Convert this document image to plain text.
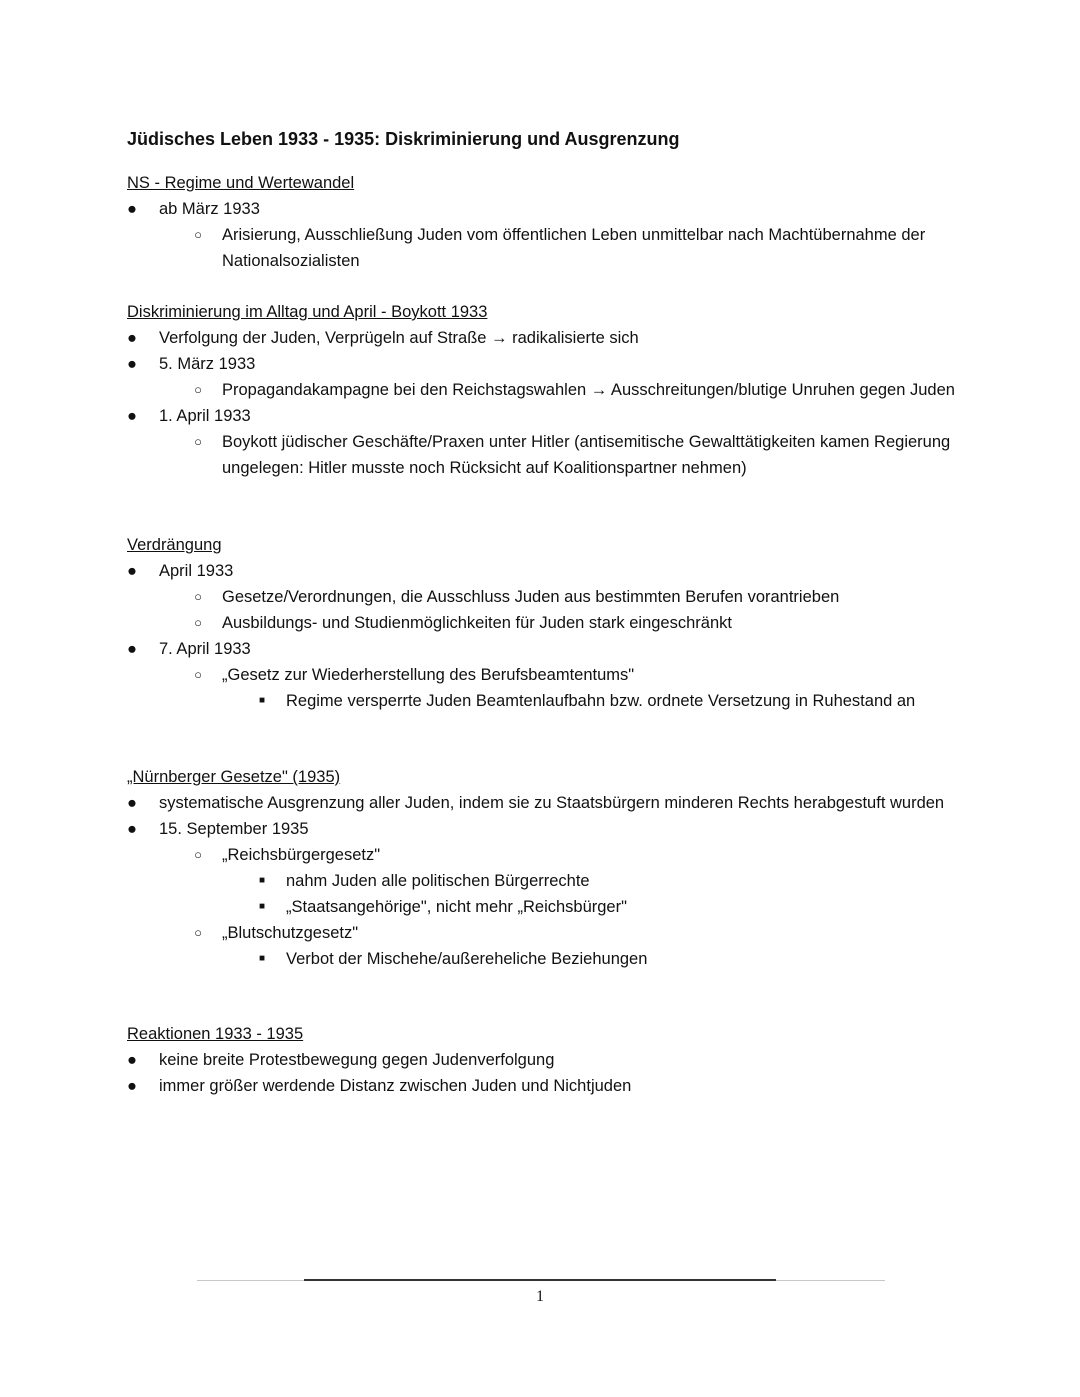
Jüdisches Leben 1933 - 1935: Diskriminierung und Ausgrenzung
NS - Regime und Wertewandel
● ab März 1933
○ Arisierung, Ausschließung Juden vom öffentlichen Leben unmittelbar nach Machtübernahme der Nationalsozialisten
Diskriminierung im Alltag und April - Boykott 1933
● Verfolgung der Juden, Verprügeln auf Straße → radikalisierte sich
● 5. März 1933
○ Propagandakampagne bei den Reichstagswahlen → Ausschreitungen/blutige Unruhen gegen Juden
● 1. April 1933
○ Boykott jüdischer Geschäfte/Praxen unter Hitler (antisemitische Gewalttätigkeiten kamen Regierung ungelegen: Hitler musste noch Rücksicht auf Koalitionspartner nehmen)
Verdrängung
● April 1933
○ Gesetze/Verordnungen, die Ausschluss Juden aus bestimmten Berufen vorantrieben
○ Ausbildungs- und Studienmöglichkeiten für Juden stark eingeschränkt
● 7. April 1933
○ „Gesetz zur Wiederherstellung des Berufsbeamtentums"
■ Regime versperrte Juden Beamtenlaufbahn bzw. ordnete Versetzung in Ruhestand an
„Nürnberger Gesetze" (1935)
● systematische Ausgrenzung aller Juden, indem sie zu Staatsbürgern minderen Rechts herabgestuft wurden
● 15. September 1935
○ „Reichsbürgergesetz"
■ nahm Juden alle politischen Bürgerrechte
■ „Staatsangehörige", nicht mehr „Reichsbürger"
○ „Blutschutzgesetz"
■ Verbot der Mischehe/außereheliche Beziehungen
Reaktionen 1933 - 1935
● keine breite Protestbewegung gegen Judenverfolgung
● immer größer werdende Distanz zwischen Juden und Nichtjuden
1
